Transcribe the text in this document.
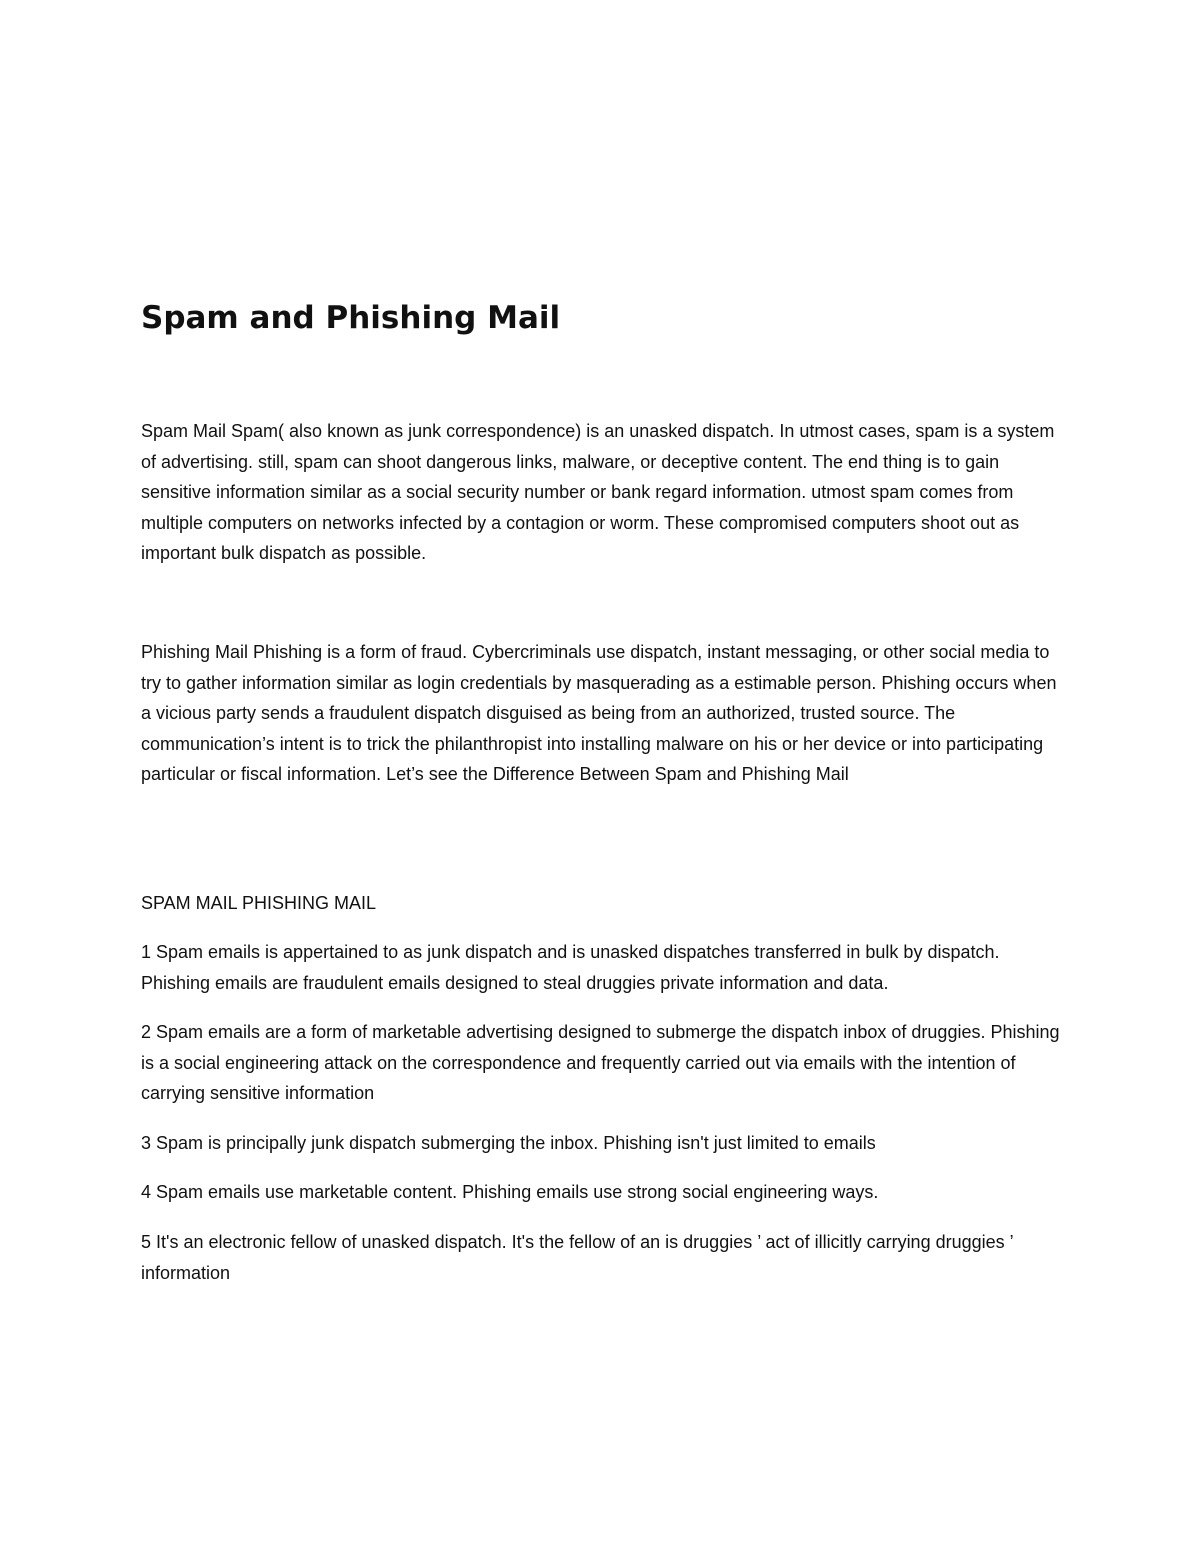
Spam and Phishing Mail

Spam Mail Spam( also known as junk correspondence) is an unasked dispatch. In utmost cases, spam is a system of advertising. still, spam can shoot dangerous links, malware, or deceptive content. The end thing is to gain sensitive information similar as a social security number or bank regard information. utmost spam comes from multiple computers on networks infected by a contagion or worm. These compromised computers shoot out as important bulk dispatch as possible.

Phishing Mail Phishing is a form of fraud. Cybercriminals use dispatch, instant messaging, or other social media to try to gather information similar as login credentials by masquerading as a estimable person. Phishing occurs when a vicious party sends a fraudulent dispatch disguised as being from an authorized, trusted source. The communication’s intent is to trick the philanthropist into installing malware on his or her device or into participating particular or fiscal information. Let’s see the Difference Between Spam and Phishing Mail

SPAM MAIL PHISHING MAIL

1 Spam emails is appertained to as junk dispatch and is unasked dispatches transferred in bulk by dispatch. Phishing emails are fraudulent emails designed to steal druggies private information and data.

2 Spam emails are a form of marketable advertising designed to submerge the dispatch inbox of druggies. Phishing is a social engineering attack on the correspondence and frequently carried out via emails with the intention of carrying sensitive information

3 Spam is principally junk dispatch submerging the inbox. Phishing isn't just limited to emails

4 Spam emails use marketable content. Phishing emails use strong social engineering ways.

5 It's an electronic fellow of unasked dispatch. It's the fellow of an is druggies ’ act of illicitly carrying druggies ’ information
